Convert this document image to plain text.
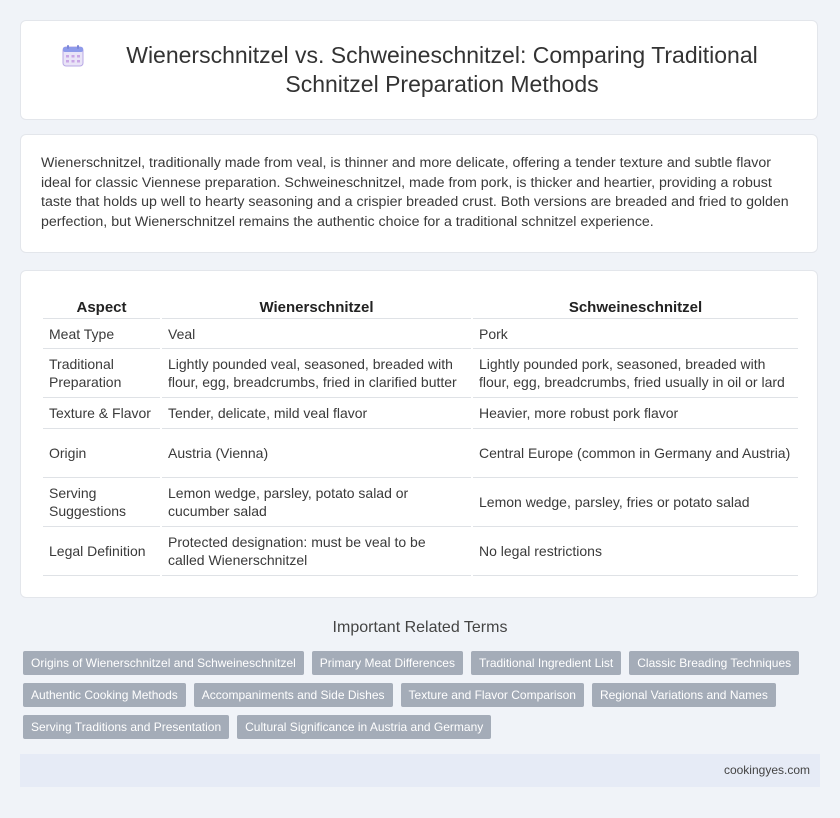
Wienerschnitzel vs. Schweineschnitzel: Comparing Traditional Schnitzel Preparation Methods

Wienerschnitzel, traditionally made from veal, is thinner and more delicate, offering a tender texture and subtle flavor ideal for classic Viennese preparation. Schweineschnitzel, made from pork, is thicker and heartier, providing a robust taste that holds up well to hearty seasoning and a crispier breaded crust. Both versions are breaded and fried to golden perfection, but Wienerschnitzel remains the authentic choice for a traditional schnitzel experience.

Aspect	Wienerschnitzel	Schweineschnitzel
Meat Type	Veal	Pork
Traditional Preparation	Lightly pounded veal, seasoned, breaded with flour, egg, breadcrumbs, fried in clarified butter	Lightly pounded pork, seasoned, breaded with flour, egg, breadcrumbs, fried usually in oil or lard
Texture & Flavor	Tender, delicate, mild veal flavor	Heavier, more robust pork flavor
Origin	Austria (Vienna)	Central Europe (common in Germany and Austria)
Serving Suggestions	Lemon wedge, parsley, potato salad or cucumber salad	Lemon wedge, parsley, fries or potato salad
Legal Definition	Protected designation: must be veal to be called Wienerschnitzel	No legal restrictions
Important Related Terms
Origins of Wienerschnitzel and Schweineschnitzel	Primary Meat Differences	Traditional Ingredient List	Classic Breading Techniques
Authentic Cooking Methods	Accompaniments and Side Dishes	Texture and Flavor Comparison	Regional Variations and Names
Serving Traditions and Presentation	Cultural Significance in Austria and Germany
cookingyes.com
